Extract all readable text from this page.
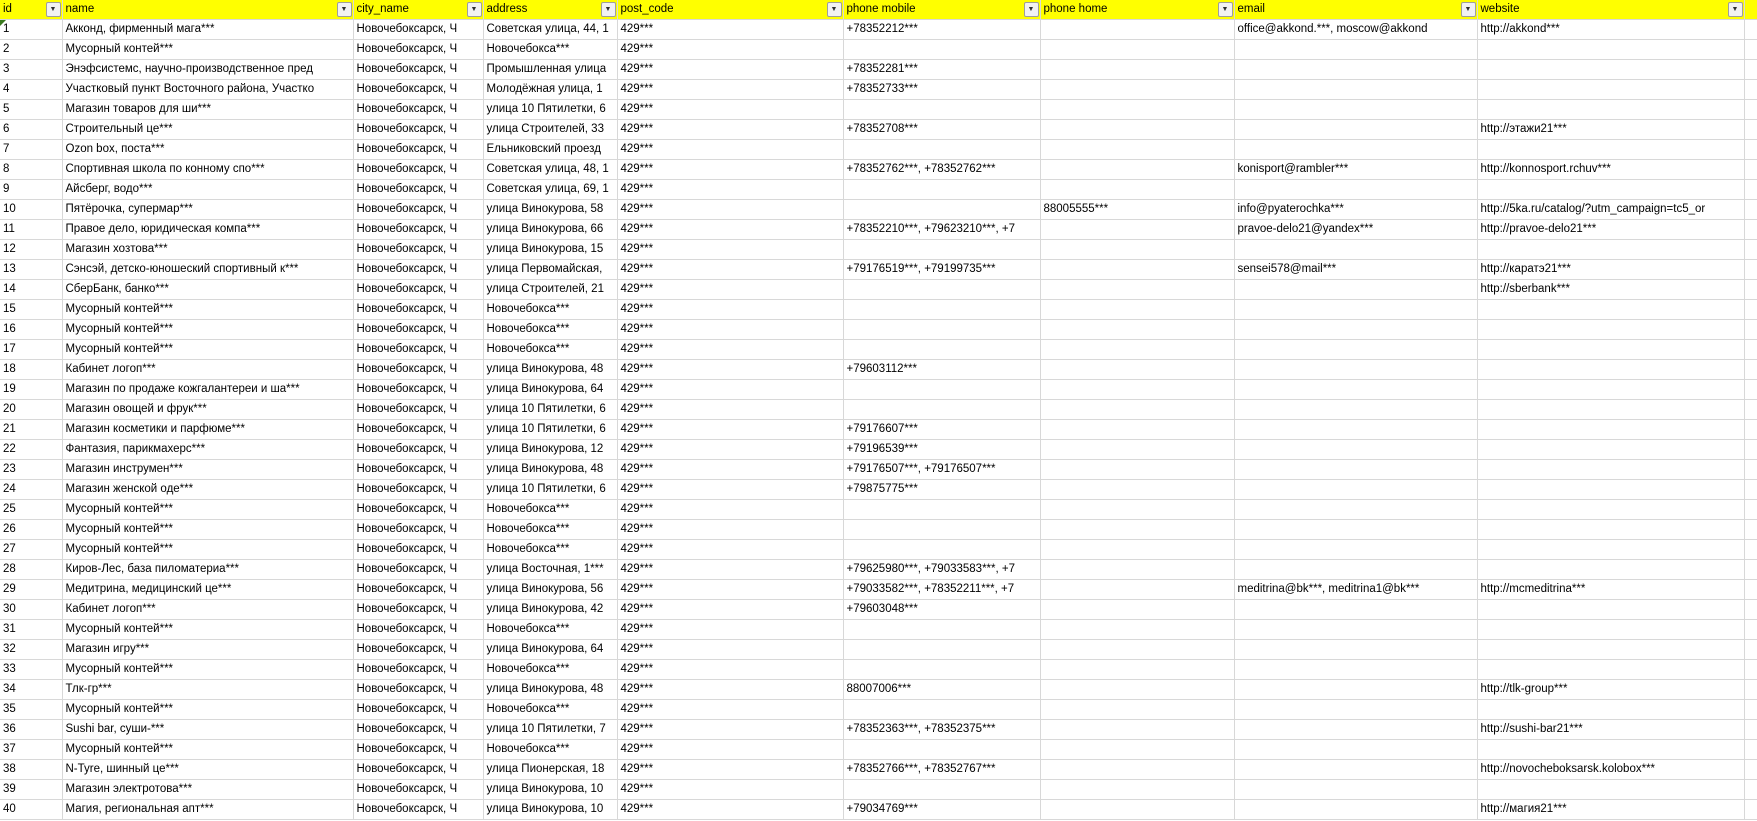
id ▼	name ▼	city_name ▼	address ▼	post_code ▼	phone mobile ▼	phone home ▼	email ▼	website ▼	

1	Акконд, фирменный мага***	Новочебоксарск, Ч	Советская улица, 44, 1	429***	+78352212***		office@akkond.***, moscow@akkond	http://akkond***	
2	Мусорный контей***	Новочебоксарск, Ч	Новочебокса***	429***					
3	Энэфсистемс, научно-производственное пред	Новочебоксарск, Ч	Промышленная улица	429***	+78352281***				
4	Участковый пункт Восточного района, Участко	Новочебоксарск, Ч	Молодёжная улица, 1	429***	+78352733***				
5	Магазин товаров для ши***	Новочебоксарск, Ч	улица 10 Пятилетки, 6	429***					
6	Строительный це***	Новочебоксарск, Ч	улица Строителей, 33	429***	+78352708***			http://этажи21***	
7	Ozon box, поста***	Новочебоксарск, Ч	Ельниковский проезд	429***					
8	Спортивная школа по конному спо***	Новочебоксарск, Ч	Советская улица, 48, 1	429***	+78352762***, +78352762***		konisport@rambler***	http://konnosport.rchuv***	
9	Айсберг, водо***	Новочебоксарск, Ч	Советская улица, 69, 1	429***					
10	Пятёрочка, супермар***	Новочебоксарск, Ч	улица Винокурова, 58	429***		88005555***	info@pyaterochka***	http://5ka.ru/catalog/?utm_campaign=tc5_or	
11	Правое дело, юридическая компа***	Новочебоксарск, Ч	улица Винокурова, 66	429***	+78352210***, +79623210***, +7		pravoe-delo21@yandex***	http://pravoe-delo21***	
12	Магазин хозтова***	Новочебоксарск, Ч	улица Винокурова, 15	429***					
13	Сэнсэй, детско-юношеский спортивный к***	Новочебоксарск, Ч	улица Первомайская,	429***	+79176519***, +79199735***		sensei578@mail***	http://каратэ21***	
14	СберБанк, банко***	Новочебоксарск, Ч	улица Строителей, 21	429***				http://sberbank***	
15	Мусорный контей***	Новочебоксарск, Ч	Новочебокса***	429***					
16	Мусорный контей***	Новочебоксарск, Ч	Новочебокса***	429***					
17	Мусорный контей***	Новочебоксарск, Ч	Новочебокса***	429***					
18	Кабинет логоп***	Новочебоксарск, Ч	улица Винокурова, 48	429***	+79603112***				
19	Магазин по продаже кожгалантереи и ша***	Новочебоксарск, Ч	улица Винокурова, 64	429***					
20	Магазин овощей и фрук***	Новочебоксарск, Ч	улица 10 Пятилетки, 6	429***					
21	Магазин косметики и парфюме***	Новочебоксарск, Ч	улица 10 Пятилетки, 6	429***	+79176607***				
22	Фантазия, парикмахерс***	Новочебоксарск, Ч	улица Винокурова, 12	429***	+79196539***				
23	Магазин инструмен***	Новочебоксарск, Ч	улица Винокурова, 48	429***	+79176507***, +79176507***				
24	Магазин женской оде***	Новочебоксарск, Ч	улица 10 Пятилетки, 6	429***	+79875775***				
25	Мусорный контей***	Новочебоксарск, Ч	Новочебокса***	429***					
26	Мусорный контей***	Новочебоксарск, Ч	Новочебокса***	429***					
27	Мусорный контей***	Новочебоксарск, Ч	Новочебокса***	429***					
28	Киров-Лес, база пиломатериа***	Новочебоксарск, Ч	улица Восточная, 1***	429***	+79625980***, +79033583***, +7				
29	Медитрина, медицинский це***	Новочебоксарск, Ч	улица Винокурова, 56	429***	+79033582***, +78352211***, +7		meditrina@bk***, meditrina1@bk***	http://mcmeditrina***	
30	Кабинет логоп***	Новочебоксарск, Ч	улица Винокурова, 42	429***	+79603048***				
31	Мусорный контей***	Новочебоксарск, Ч	Новочебокса***	429***					
32	Магазин игру***	Новочебоксарск, Ч	улица Винокурова, 64	429***					
33	Мусорный контей***	Новочебоксарск, Ч	Новочебокса***	429***					
34	Тлк-гр***	Новочебоксарск, Ч	улица Винокурова, 48	429***	88007006***			http://tlk-group***	
35	Мусорный контей***	Новочебоксарск, Ч	Новочебокса***	429***					
36	Sushi bar, суши-***	Новочебоксарск, Ч	улица 10 Пятилетки, 7	429***	+78352363***, +78352375***			http://sushi-bar21***	
37	Мусорный контей***	Новочебоксарск, Ч	Новочебокса***	429***					
38	N-Tyre, шинный це***	Новочебоксарск, Ч	улица Пионерская, 18	429***	+78352766***, +78352767***			http://novocheboksarsk.kolobox***	
39	Магазин электротова***	Новочебоксарск, Ч	улица Винокурова, 10	429***					
40	Магия, региональная апт***	Новочебоксарск, Ч	улица Винокурова, 10	429***	+79034769***			http://магия21***	
